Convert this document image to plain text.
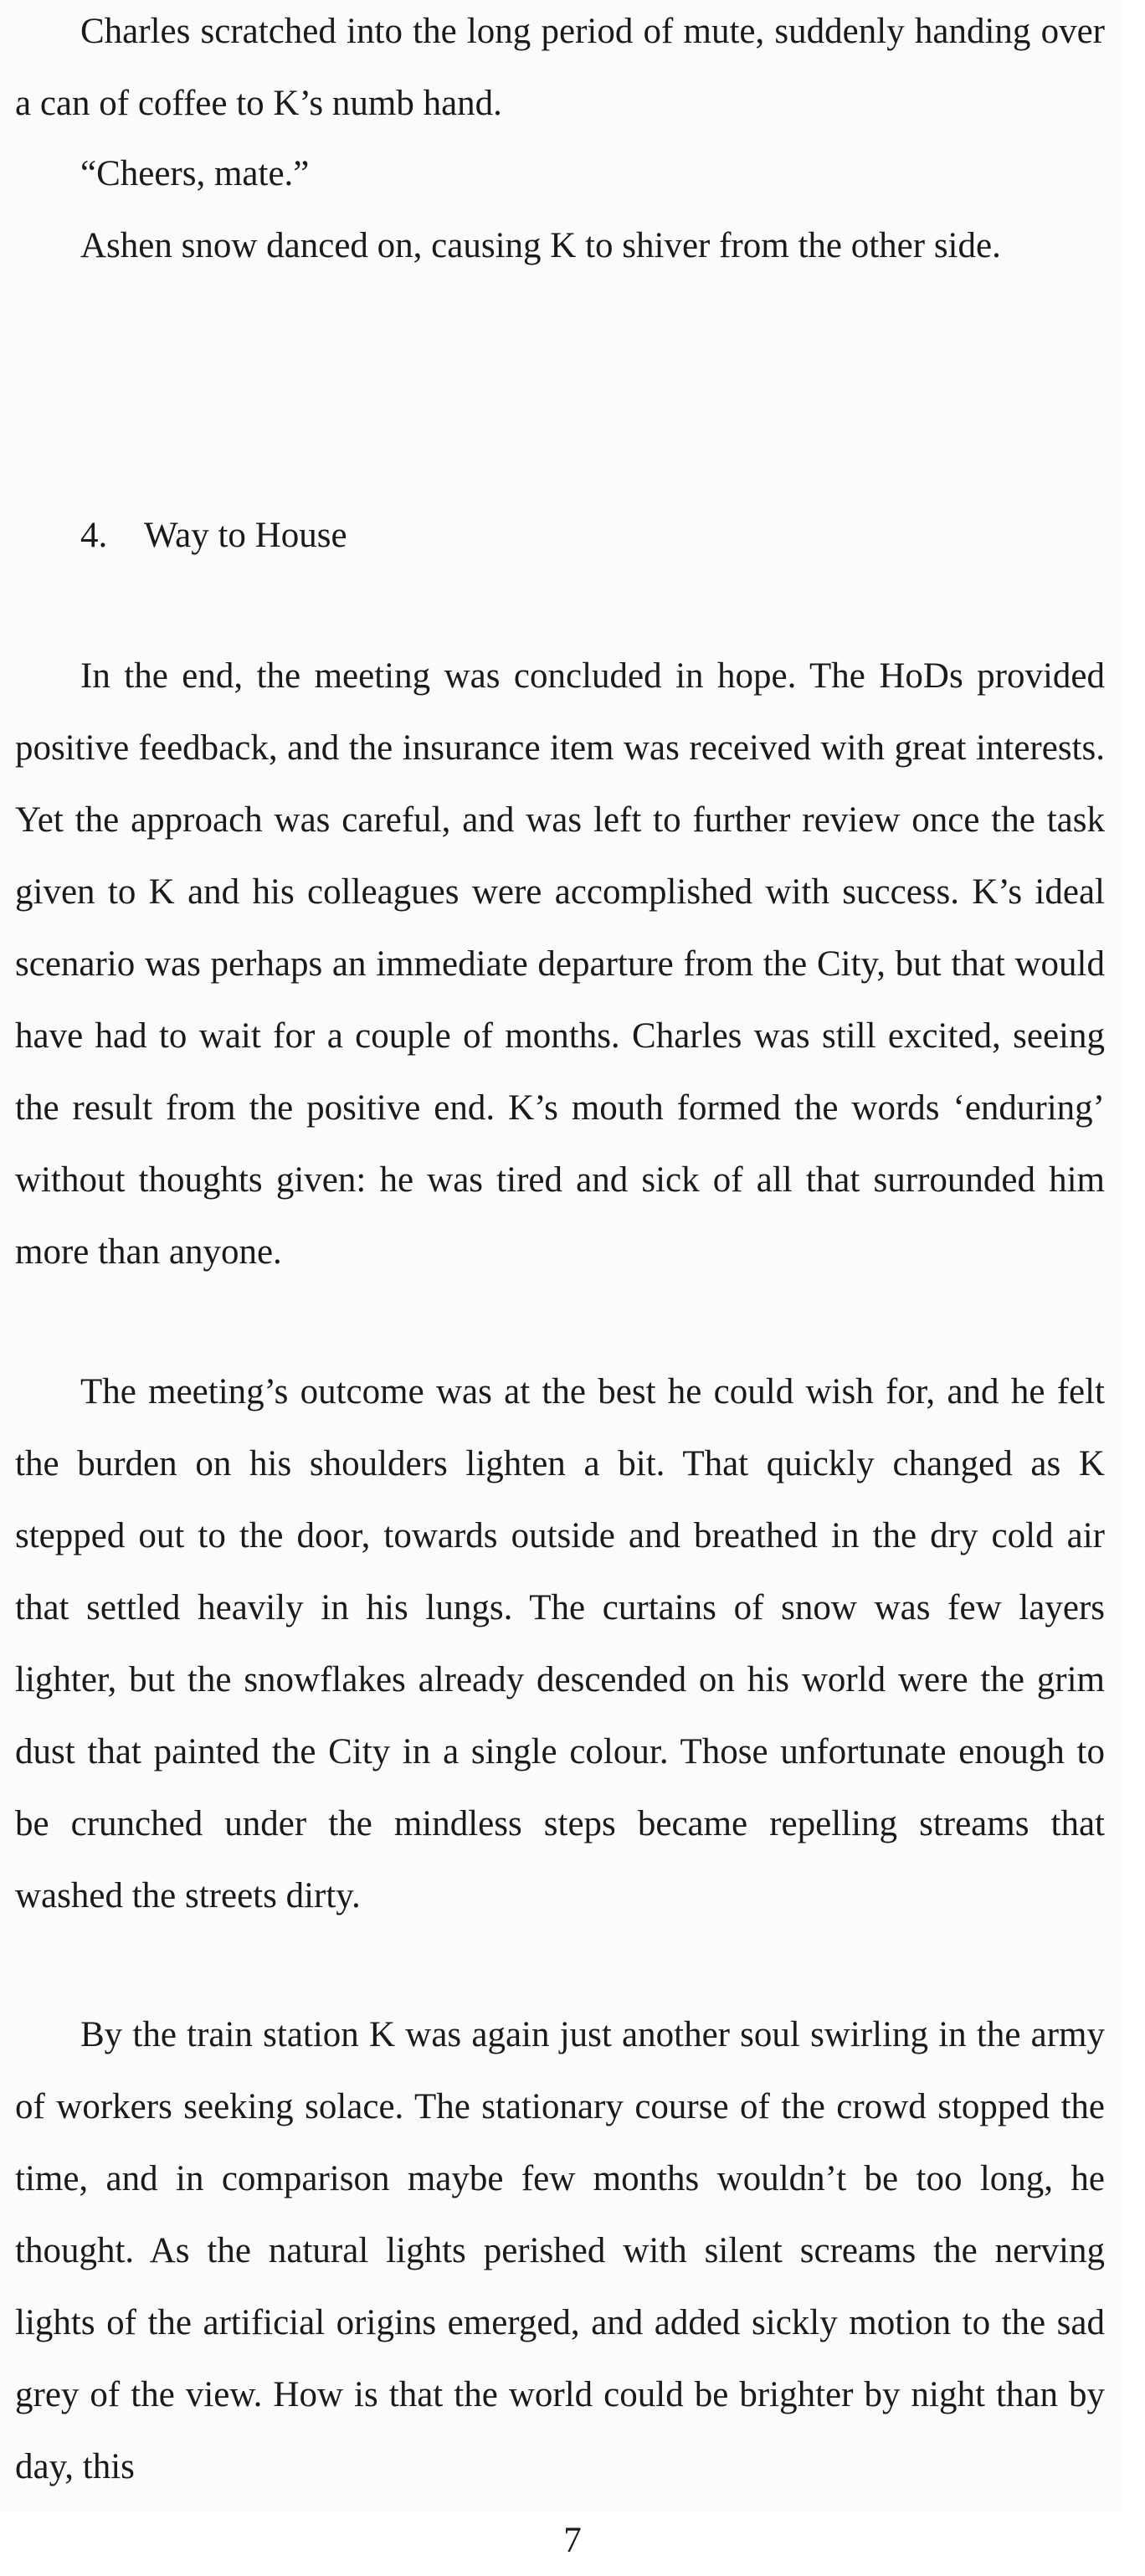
Charles scratched into the long period of mute, suddenly handing over a can of coffee to K’s numb hand.

“Cheers, mate.”

Ashen snow danced on, causing K to shiver from the other side.

4. Way to House

In the end, the meeting was concluded in hope. The HoDs provided positive feedback, and the insurance item was received with great interests. Yet the approach was careful, and was left to further review once the task given to K and his colleagues were accomplished with success. K’s ideal scenario was perhaps an immediate departure from the City, but that would have had to wait for a couple of months. Charles was still excited, seeing the result from the positive end. K’s mouth formed the words ‘enduring’ without thoughts given: he was tired and sick of all that surrounded him more than anyone.

The meeting’s outcome was at the best he could wish for, and he felt the burden on his shoulders lighten a bit. That quickly changed as K stepped out to the door, towards outside and breathed in the dry cold air that settled heavily in his lungs. The curtains of snow was few layers lighter, but the snowflakes already descended on his world were the grim dust that painted the City in a single colour. Those unfortunate enough to be crunched under the mindless steps became repelling streams that washed the streets dirty.

By the train station K was again just another soul swirling in the army of workers seeking solace. The stationary course of the crowd stopped the time, and in comparison maybe few months wouldn’t be too long, he thought. As the natural lights perished with silent screams the nerving lights of the artificial origins emerged, and added sickly motion to the sad grey of the view. How is that the world could be brighter by night than by day, this

7
